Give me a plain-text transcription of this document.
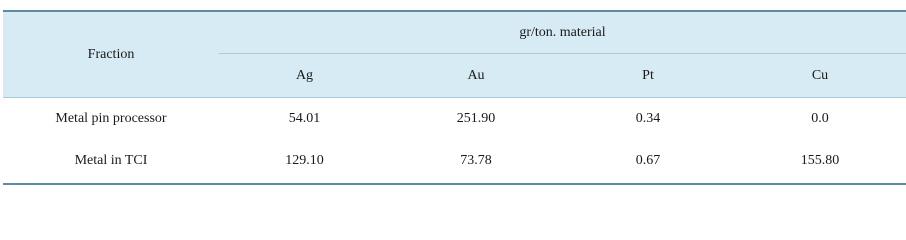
Fraction
gr/ton. material
Ag	Au	Pt	Cu
Metal pin processor	54.01	251.90	0.34	0.0
Metal in TCI	129.10	73.78	0.67	155.80
